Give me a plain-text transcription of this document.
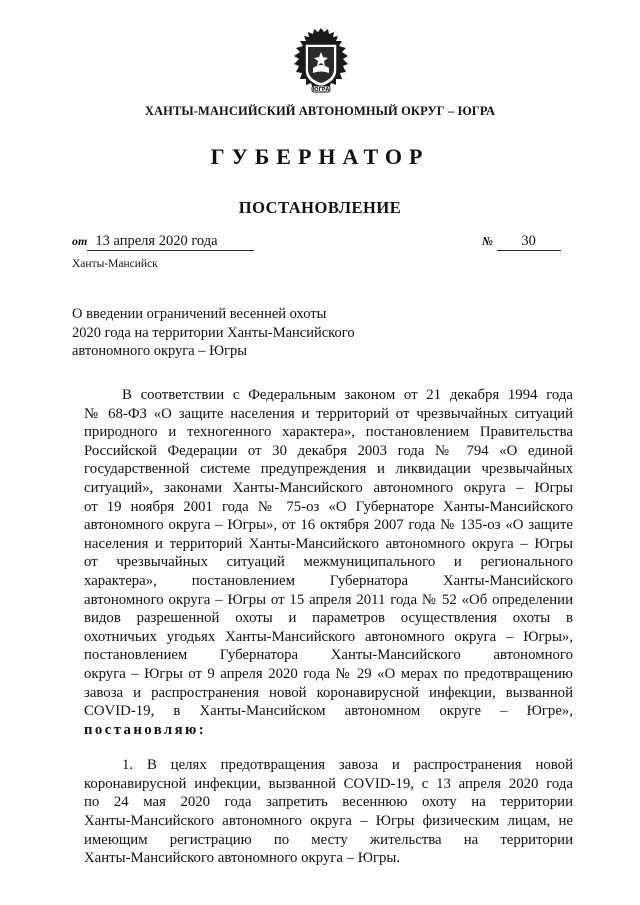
ЮГРА
ХАНТЫ-МАНСИЙСКИЙ АВТОНОМНЫЙ ОКРУГ – ЮГРА
ГУБЕРНАТОР
ПОСТАНОВЛЕНИЕ
от 13 апреля 2020 года	№ 30
Ханты-Мансийск
О введении ограничений весенней охоты
2020 года на территории Ханты-Мансийского
автономного округа – Югры
В соответствии с Федеральным законом от 21 декабря 1994 года
№ 68-ФЗ «О защите населения и территорий от чрезвычайных ситуаций
природного и техногенного характера», постановлением Правительства
Российской Федерации от 30 декабря 2003 года № 794 «О единой
государственной системе предупреждения и ликвидации чрезвычайных
ситуаций», законами Ханты-Мансийского автономного округа – Югры
от 19 ноября 2001 года № 75-оз «О Губернаторе Ханты-Мансийского
автономного округа – Югры», от 16 октября 2007 года № 135-оз «О защите
населения и территорий Ханты-Мансийского автономного округа – Югры
от чрезвычайных ситуаций межмуниципального и регионального
характера», постановлением Губернатора Ханты-Мансийского
автономного округа – Югры от 15 апреля 2011 года № 52 «Об определении
видов разрешенной охоты и параметров осуществления охоты в
охотничьих угодьях Ханты-Мансийского автономного округа – Югры»,
постановлением Губернатора Ханты-Мансийского автономного
округа – Югры от 9 апреля 2020 года № 29 «О мерах по предотвращению
завоза и распространения новой коронавирусной инфекции, вызванной
COVID-19, в Ханты-Мансийском автономном округе – Югре»,
постановляю:
1. В целях предотвращения завоза и распространения новой
коронавирусной инфекции, вызванной COVID-19, с 13 апреля 2020 года
по 24 мая 2020 года запретить весеннюю охоту на территории
Ханты-Мансийского автономного округа – Югры физическим лицам, не
имеющим регистрацию по месту жительства на территории
Ханты-Мансийского автономного округа – Югры.
